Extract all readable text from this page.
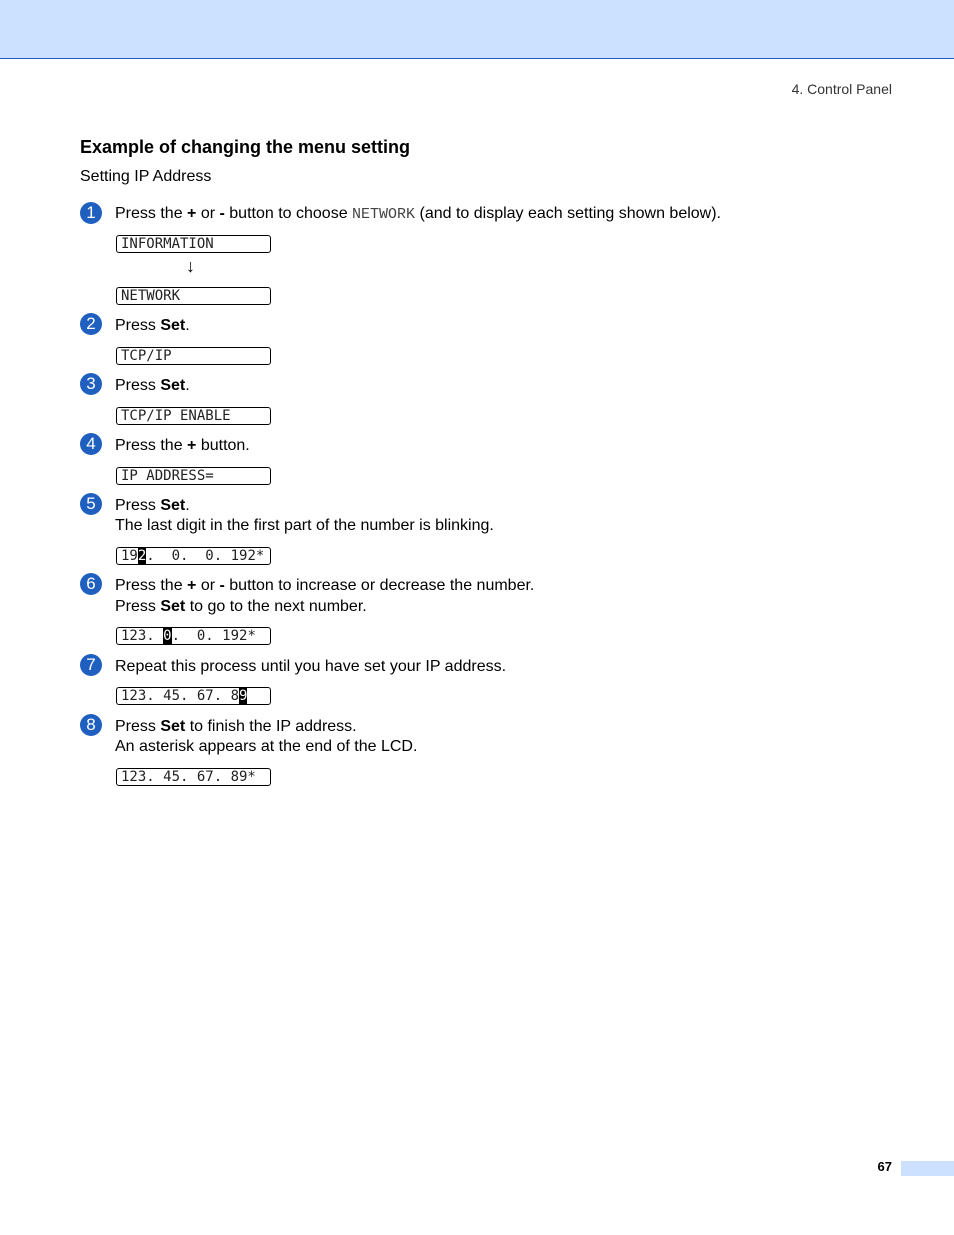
4. Control Panel
Example of changing the menu setting
Setting IP Address
1	Press the + or - button to choose NETWORK (and to display each setting shown below).
INFORMATION
↓
NETWORK
2	Press Set.
TCP/IP
3	Press Set.
TCP/IP ENABLE
4	Press the + button.
IP ADDRESS=
5	Press Set.
The last digit in the first part of the number is blinking.
192.  0.  0. 192*
6	Press the + or - button to increase or decrease the number.
Press Set to go to the next number.
123. 0.  0. 192*
7	Repeat this process until you have set your IP address.
123. 45. 67. 89
8	Press Set to finish the IP address.
An asterisk appears at the end of the LCD.
123. 45. 67. 89*
67
